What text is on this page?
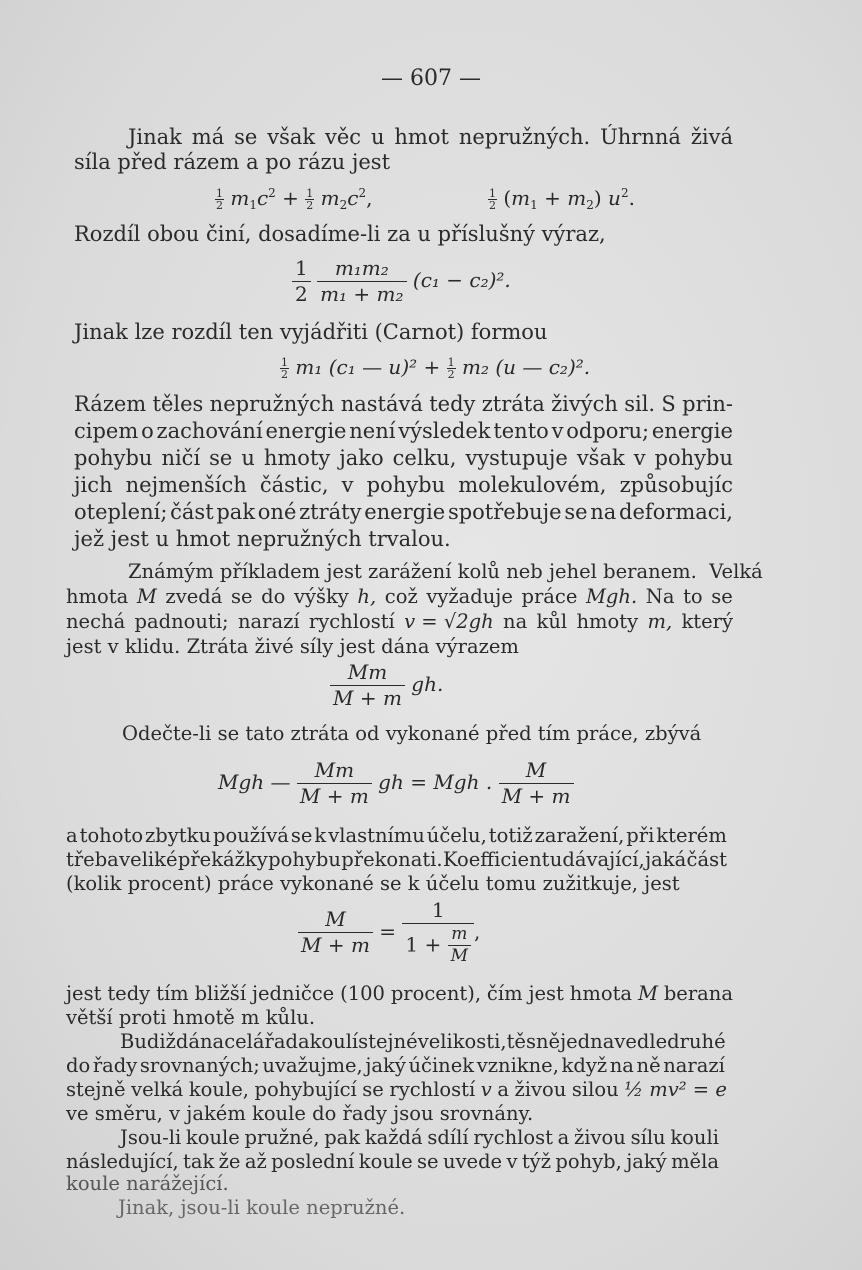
— 607 —
Jinak má se však věc u hmot nepružných. Úhrnná živá
síla před rázem a po rázu jest
$\frac{1}{2} m_1c^2 + \frac{1}{2} m_2c^2$,	$\frac{1}{2} (m_1 + m_2)$ $u^2$.
Rozdíl obou činí, dosadíme-li za u příslušný výraz,
$\frac{1}{2}$
$\frac{\text{m₁m₂}}{\text{m₁ + m₂}} (c_1 - c_2)^2$.
Jinak lze rozdíl ten vyjádřiti (Carnot) formou
$\frac{1}{2} m_1$ (c₁ — $u)^2 + \frac{1}{2} m_2$ (u — c₂)².
Rázem těles nepružných nastává tedy ztráta živých sil. S prin-
cipem o zachování energie není výsledek tento v odporu; energie
pohybu ničí se u hmoty jako celku, vystupuje však v pohybu
jich nejmenších částic, v pohybu molekulovém, způsobujíc
oteplení; část pak oné ztráty energie spotřebuje se na deformaci,
jež jest u hmot nepružných trvalou.
Známým příkladem jest zarážení kolů neb jehel beranem.  Velká
hmota M zvedá se do výšky h, což vyžaduje práce Mgh. Na to se
nechá padnouti; narazí rychlostí v = √2gh na kůl hmoty m, který
jest v klidu. Ztráta živé síly jest dána výrazem
$\frac{Mm}{M + m}$ gh.
Odečte-li se tato ztráta od vykonané před tím práce, zbývá
Mgh — $\frac{Mm}{M + m}$ gh = Mgh . $\frac{M}{M + m}$
a tohoto zbytku používá se k vlastnímu účelu, totiž zaražení, při kterém
třeba veliké překážky pohybu překonati. Koefficient udávající, jaká část
(kolik procent) práce vykonané se k účelu tomu zužitkuje, jest
$\frac{M}{M + m} = \frac{1}{1 + \frac{m}{M}}$ ,
jest tedy tím bližší jedničce (100 procent), čím jest hmota M berana
větší proti hmotě m kůlu.
Budiž dána celá řada koulí stejné velikosti, těsně jedna vedle druhé
do řady srovnaných; uvažujme, jaký účinek vznikne, když na ně narazí
stejně velká koule, pohybující se rychlostí v a živou silou ½ mv² = e
ve směru, v jakém koule do řady jsou srovnány.
Jsou-li koule pružné, pak každá sdílí rychlost a živou sílu kouli
následující, tak že až poslední koule se uvede v týž pohyb, jaký měla
koule narážející.
Jinak, jsou-li koule nepružné.
